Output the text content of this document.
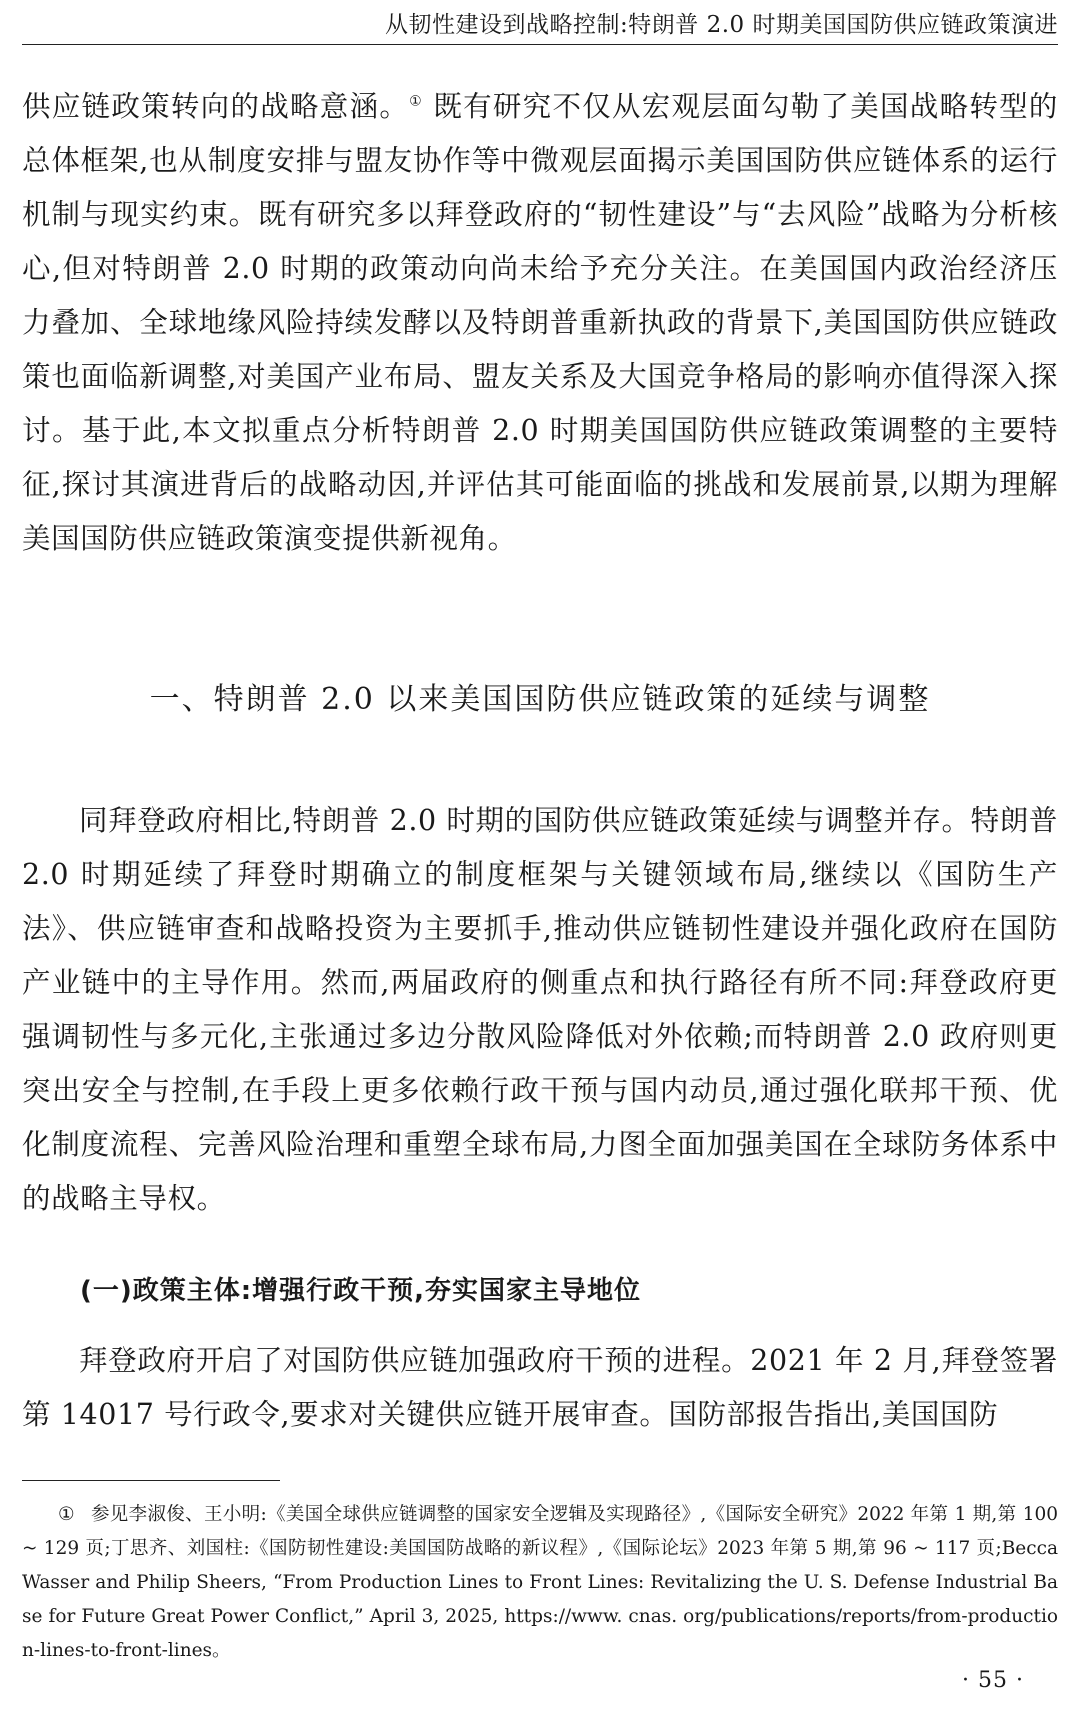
从韧性建设到战略控制:特朗普 2.0 时期美国国防供应链政策演进

供应链政策转向的战略意涵。① 既有研究不仅从宏观层面勾勒了美国战略转型的总体框架,也从制度安排与盟友协作等中微观层面揭示美国国防供应链体系的运行机制与现实约束。既有研究多以拜登政府的“韧性建设”与“去风险”战略为分析核心,但对特朗普 2.0 时期的政策动向尚未给予充分关注。在美国国内政治经济压力叠加、全球地缘风险持续发酵以及特朗普重新执政的背景下,美国国防供应链政策也面临新调整,对美国产业布局、盟友关系及大国竞争格局的影响亦值得深入探讨。基于此,本文拟重点分析特朗普 2.0 时期美国国防供应链政策调整的主要特征,探讨其演进背后的战略动因,并评估其可能面临的挑战和发展前景,以期为理解美国国防供应链政策演变提供新视角。

一、特朗普 2.0 以来美国国防供应链政策的延续与调整

同拜登政府相比,特朗普 2.0 时期的国防供应链政策延续与调整并存。特朗普 2.0 时期延续了拜登时期确立的制度框架与关键领域布局,继续以《国防生产法》、供应链审查和战略投资为主要抓手,推动供应链韧性建设并强化政府在国防产业链中的主导作用。然而,两届政府的侧重点和执行路径有所不同:拜登政府更强调韧性与多元化,主张通过多边分散风险降低对外依赖;而特朗普 2.0 政府则更突出安全与控制,在手段上更多依赖行政干预与国内动员,通过强化联邦干预、优化制度流程、完善风险治理和重塑全球布局,力图全面加强美国在全球防务体系中的战略主导权。

(一)政策主体:增强行政干预,夯实国家主导地位

拜登政府开启了对国防供应链加强政府干预的进程。2021 年 2 月,拜登签署第 14017 号行政令,要求对关键供应链开展审查。国防部报告指出,美国国防

① 参见李淑俊、王小明:《美国全球供应链调整的国家安全逻辑及实现路径》,《国际安全研究》2022 年第 1 期,第 100 ~ 129 页;丁思齐、刘国柱:《国防韧性建设:美国国防战略的新议程》,《国际论坛》2023 年第 5 期,第 96 ~ 117 页;Becca Wasser and Philip Sheers, “From Production Lines to Front Lines: Revitalizing the U. S. Defense Industrial Base for Future Great Power Conflict,” April 3, 2025, https://www. cnas. org/publications/reports/from-production-lines-to-front-lines。

· 55 ·
